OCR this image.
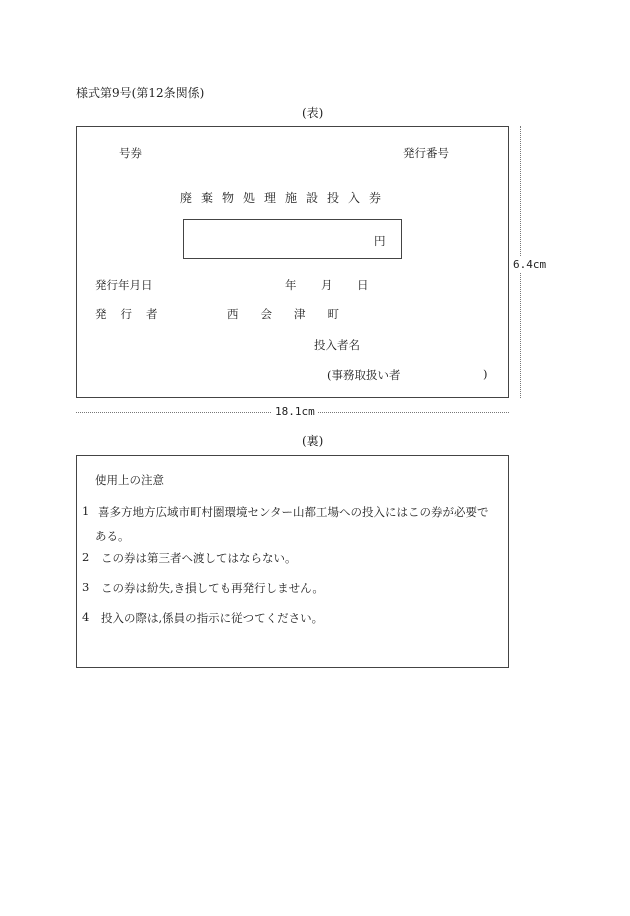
様式第9号(第12条関係)
(表)
号券	発行番号
廃棄物処理施設投入券
円
発行年月日	年 月 日
発行者	西会津町
投入者名
(事務取扱い者	)
6.4cm
18.1cm
(裏)
使用上の注意
1 喜多方地方広域市町村圏環境センター山都工場への投入にはこの券が必要で
ある。
2 この券は第三者へ渡してはならない。
3 この券は紛失,き損しても再発行しません。
4 投入の際は,係員の指示に従つてください。
